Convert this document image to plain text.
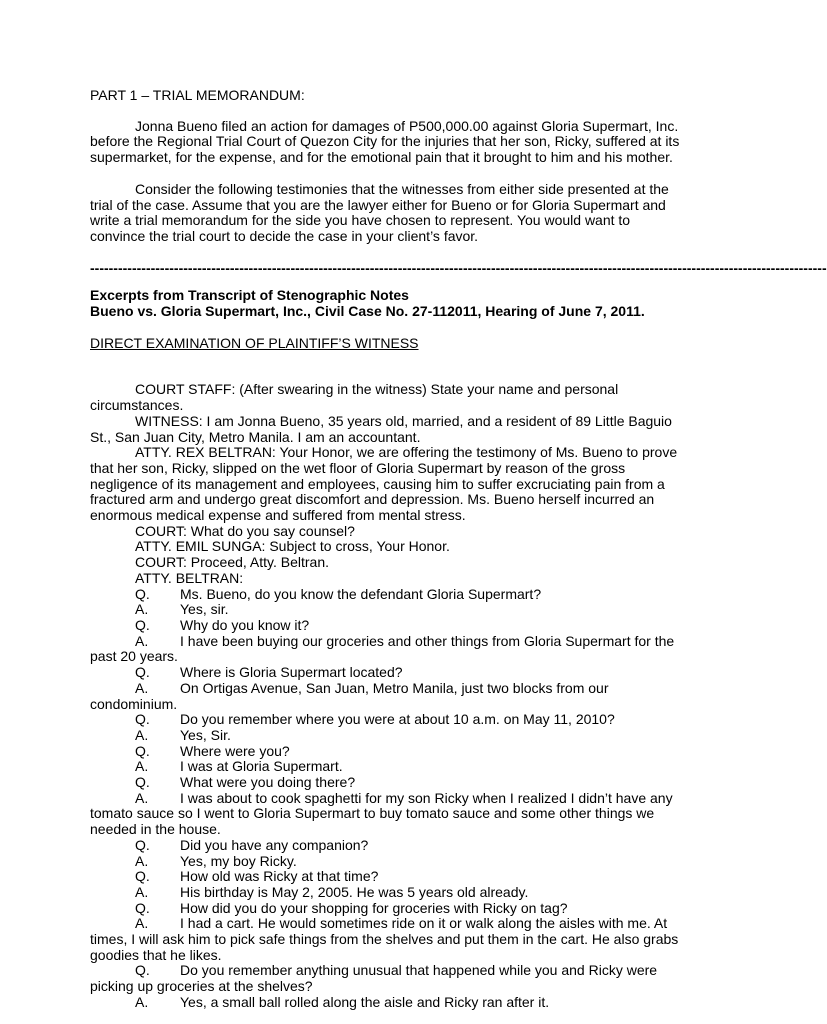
PART 1 – TRIAL MEMORANDUM:

Jonna Bueno filed an action for damages of P500,000.00 against Gloria Supermart, Inc. before the Regional Trial Court of Quezon City for the injuries that her son, Ricky, suffered at its supermarket, for the expense, and for the emotional pain that it brought to him and his mother.

Consider the following testimonies that the witnesses from either side presented at the trial of the case. Assume that you are the lawyer either for Bueno or for Gloria Supermart and write a trial memorandum for the side you have chosen to represent. You would want to convince the trial court to decide the case in your client’s favor.

--------------------------------------------------------------------------------------------------------------------------------------------------------------

Excerpts from Transcript of Stenographic Notes

Bueno vs. Gloria Supermart, Inc., Civil Case No. 27-112011, Hearing of June 7, 2011.

DIRECT EXAMINATION OF PLAINTIFF’S WITNESS

COURT STAFF: (After swearing in the witness) State your name and personal circumstances.

WITNESS: I am Jonna Bueno, 35 years old, married, and a resident of 89 Little Baguio St., San Juan City, Metro Manila. I am an accountant.

ATTY. REX BELTRAN: Your Honor, we are offering the testimony of Ms. Bueno to prove that her son, Ricky, slipped on the wet floor of Gloria Supermart by reason of the gross negligence of its management and employees, causing him to suffer excruciating pain from a fractured arm and undergo great discomfort and depression. Ms. Bueno herself incurred an enormous medical expense and suffered from mental stress.

COURT: What do you say counsel?

ATTY. EMIL SUNGA: Subject to cross, Your Honor.

COURT: Proceed, Atty. Beltran.

ATTY. BELTRAN:

Q. Ms. Bueno, do you know the defendant Gloria Supermart?

A. Yes, sir.

Q. Why do you know it?

A. I have been buying our groceries and other things from Gloria Supermart for the past 20 years.

Q. Where is Gloria Supermart located?

A. On Ortigas Avenue, San Juan, Metro Manila, just two blocks from our condominium.

Q. Do you remember where you were at about 10 a.m. on May 11, 2010?

A. Yes, Sir.

Q. Where were you?

A. I was at Gloria Supermart.

Q. What were you doing there?

A. I was about to cook spaghetti for my son Ricky when I realized I didn’t have any tomato sauce so I went to Gloria Supermart to buy tomato sauce and some other things we needed in the house.

Q. Did you have any companion?

A. Yes, my boy Ricky.

Q. How old was Ricky at that time?

A. His birthday is May 2, 2005. He was 5 years old already.

Q. How did you do your shopping for groceries with Ricky on tag?

A. I had a cart. He would sometimes ride on it or walk along the aisles with me. At times, I will ask him to pick safe things from the shelves and put them in the cart. He also grabs goodies that he likes.

Q. Do you remember anything unusual that happened while you and Ricky were picking up groceries at the shelves?

A. Yes, a small ball rolled along the aisle and Ricky ran after it.
